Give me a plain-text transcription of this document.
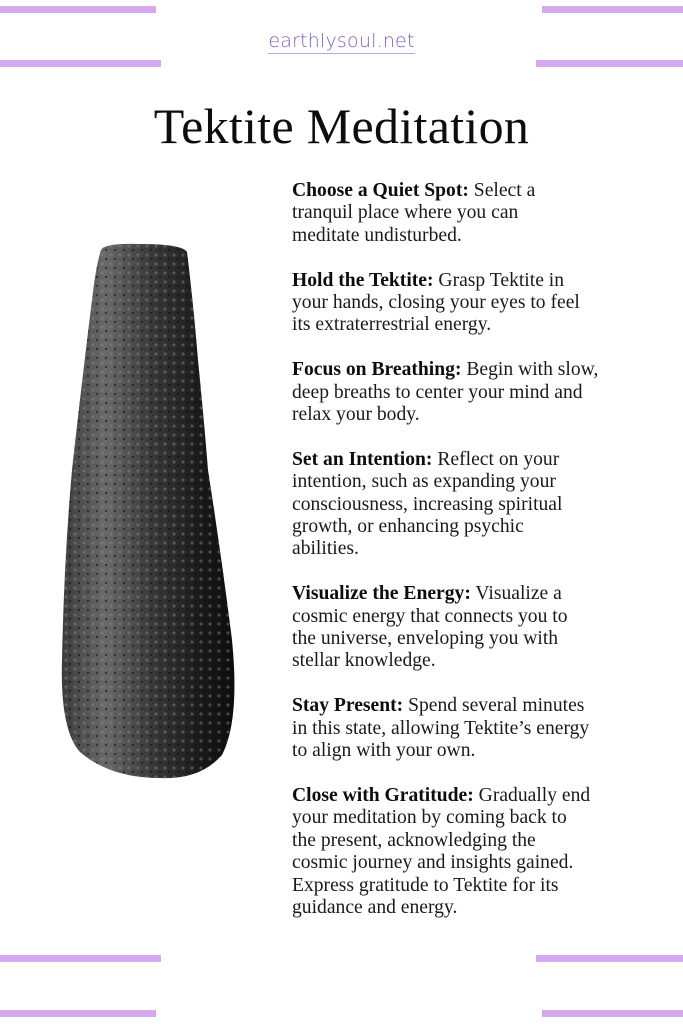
earthlysoul.net
Tektite Meditation

Choose a Quiet Spot: Select a
tranquil place where you can
meditate undisturbed.

Hold the Tektite: Grasp Tektite in
your hands, closing your eyes to feel
its extraterrestrial energy.

Focus on Breathing: Begin with slow,
deep breaths to center your mind and
relax your body.

Set an Intention: Reflect on your
intention, such as expanding your
consciousness, increasing spiritual
growth, or enhancing psychic
abilities.

Visualize the Energy: Visualize a
cosmic energy that connects you to
the universe, enveloping you with
stellar knowledge.

Stay Present: Spend several minutes
in this state, allowing Tektite’s energy
to align with your own.

Close with Gratitude: Gradually end
your meditation by coming back to
the present, acknowledging the
cosmic journey and insights gained.
Express gratitude to Tektite for its
guidance and energy.
